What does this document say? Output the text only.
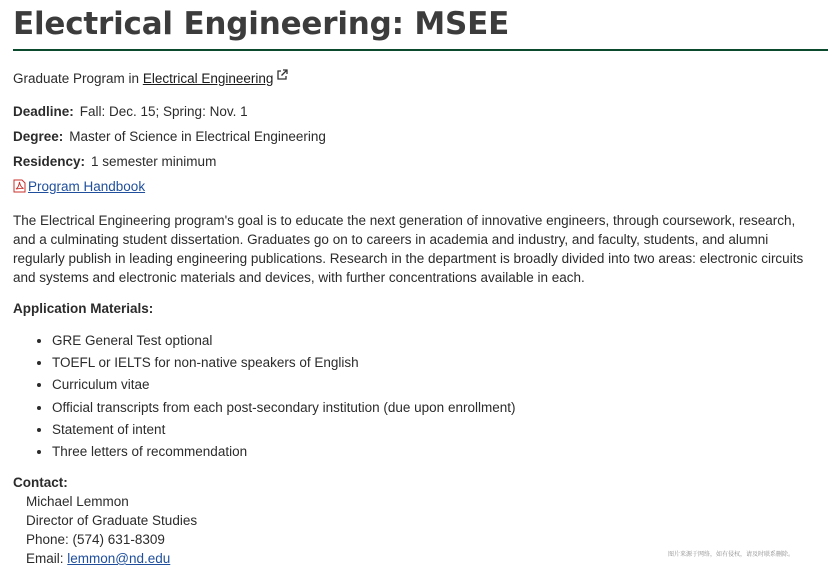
Electrical Engineering: MSEE
Graduate Program in Electrical Engineering
Deadline: Fall: Dec. 15; Spring: Nov. 1
Degree: Master of Science in Electrical Engineering
Residency: 1 semester minimum
Program Handbook

The Electrical Engineering program's goal is to educate the next generation of innovative engineers, through coursework, research, and a culminating student dissertation. Graduates go on to careers in academia and industry, and faculty, students, and alumni regularly publish in leading engineering publications. Research in the department is broadly divided into two areas: electronic circuits and systems and electronic materials and devices, with further concentrations available in each.

Application Materials:
• GRE General Test optional
• TOEFL or IELTS for non-native speakers of English
• Curriculum vitae
• Official transcripts from each post-secondary institution (due upon enrollment)
• Statement of intent
• Three letters of recommendation
Contact:
Michael Lemmon
Director of Graduate Studies
Phone: (574) 631-8309
Email: lemmon@nd.edu	图片来源于网络，如有侵权，请及时联系删除。
